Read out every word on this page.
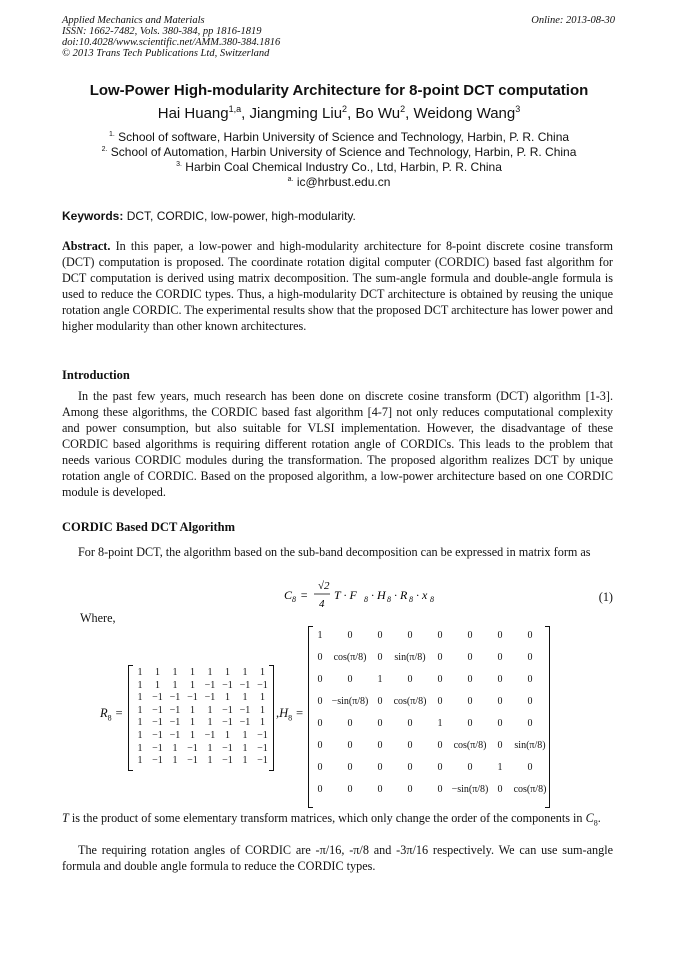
Applied Mechanics and Materials
ISSN: 1662-7482, Vols. 380-384, pp 1816-1819
doi:10.4028/www.scientific.net/AMM.380-384.1816
© 2013 Trans Tech Publications Ltd, Switzerland
Online: 2013-08-30
Low-Power High-modularity Architecture for 8-point DCT computation
Hai Huang$^{1,a}$, Jiangming Liu$^2$, Bo Wu$^2$, Weidong Wang$^3$
$^{1.}$ School of software, Harbin University of Science and Technology, Harbin, P. R. China
$^{2.}$ School of Automation, Harbin University of Science and Technology, Harbin, P. R. China
$^{3.}$ Harbin Coal Chemical Industry Co., Ltd, Harbin, P. R. China
$^{a.}$ ic@hrbust.edu.cn
Keywords: DCT, CORDIC, low-power, high-modularity.
Abstract. In this paper, a low-power and high-modularity architecture for 8-point discrete cosine transform (DCT) computation is proposed. The coordinate rotation digital computer (CORDIC) based fast algorithm for DCT computation is derived using matrix decomposition. The sum-angle formula and double-angle formula is used to reduce the CORDIC types. Thus, a high-modularity DCT architecture is obtained by reusing the unique rotation angle CORDIC. The experimental results show that the proposed DCT architecture has lower power and higher modularity than other known architectures.
Introduction
In the past few years, much research has been done on discrete cosine transform (DCT) algorithm [1-3]. Among these algorithms, the CORDIC based fast algorithm [4-7] not only reduces computational complexity and power consumption, but also suitable for VLSI implementation. However, the disadvantage of these CORDIC based algorithms is requiring different rotation angle of CORDICs. This leads to the problem that needs various CORDIC modules during the transformation. The proposed algorithm realizes DCT by unique rotation angle of CORDIC. Based on the proposed algorithm, a low-power architecture based on one CORDIC module is developed.
CORDIC Based DCT Algorithm
For 8-point DCT, the algorithm based on the sub-band decomposition can be expressed in matrix form as
C 8 =
√2
4
T · F 8 · H 8 · R 8 · x 8	(1)
Where,
$R_8$ =
1	1	1	1	1	1	1	1
1	1	1	1 −1 −1 −1 −1
1 −1 −1 −1 −1 1	1	1
1 −1 −1 1	1 −1 −1 1
1 −1 −1 1	1 −1 −1 1
1 −1 −1 1 −1 1	1 −1
1 −1 1 −1 1 −1 1 −1
1 −1 1 −1 1 −1 1 −1
$,H_8$ =
1	0	0	0	0	0	0	0
0	cos(π/8)	0	sin(π/8)	0	0	0	0
0	0	1	0	0	0	0	0
0 −sin(π/8) 0	cos(π/8)	0	0	0	0
0	0	0	0	1	0	0	0
0	0	0	0	0	cos(π/8)	0	sin(π/8)
0	0	0	0	0	0	1	0
0	0	0	0	0 −sin(π/8) 0	cos(π/8)
T is the product of some elementary transform matrices, which only change the order of the components in $C_8$.
The requiring rotation angles of CORDIC are -π/16, -π/8 and -3π/16 respectively. We can use sum-angle formula and double angle formula to reduce the CORDIC types.
